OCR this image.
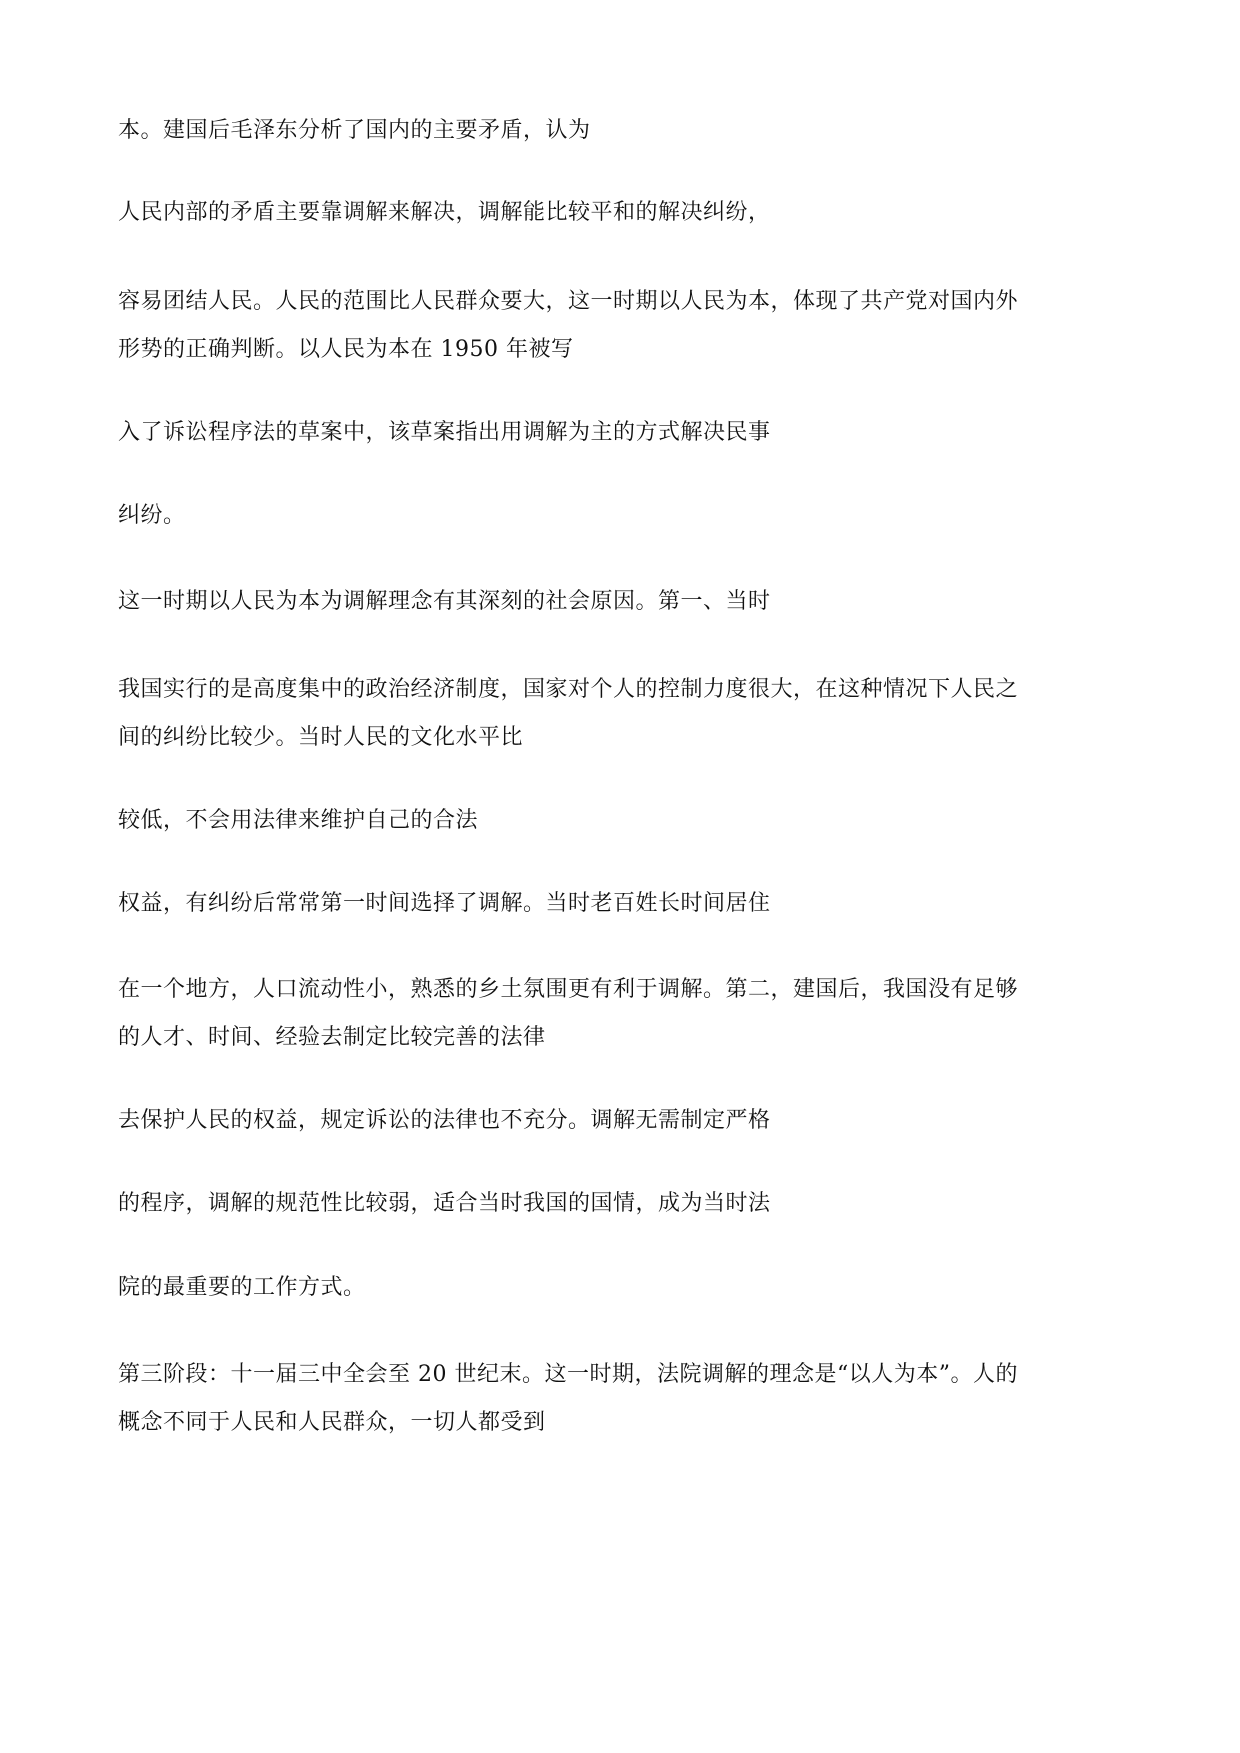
本。建国后毛泽东分析了国内的主要矛盾，认为

人民内部的矛盾主要靠调解来解决，调解能比较平和的解决纠纷，

容易团结人民。人民的范围比人民群众要大，这一时期以人民为本，体现了共产党对国内外

形势的正确判断。以人民为本在 1950 年被写

入了诉讼程序法的草案中，该草案指出用调解为主的方式解决民事

纠纷。

这一时期以人民为本为调解理念有其深刻的社会原因。第一、当时

我国实行的是高度集中的政治经济制度，国家对个人的控制力度很大，在这种情况下人民之

间的纠纷比较少。当时人民的文化水平比

较低，不会用法律来维护自己的合法

权益，有纠纷后常常第一时间选择了调解。当时老百姓长时间居住

在一个地方，人口流动性小，熟悉的乡土氛围更有利于调解。第二，建国后，我国没有足够

的人才、时间、经验去制定比较完善的法律

去保护人民的权益，规定诉讼的法律也不充分。调解无需制定严格

的程序，调解的规范性比较弱，适合当时我国的国情，成为当时法

院的最重要的工作方式。

第三阶段：十一届三中全会至 20 世纪末。这一时期，法院调解的理念是“以人为本”。人的

概念不同于人民和人民群众，一切人都受到
